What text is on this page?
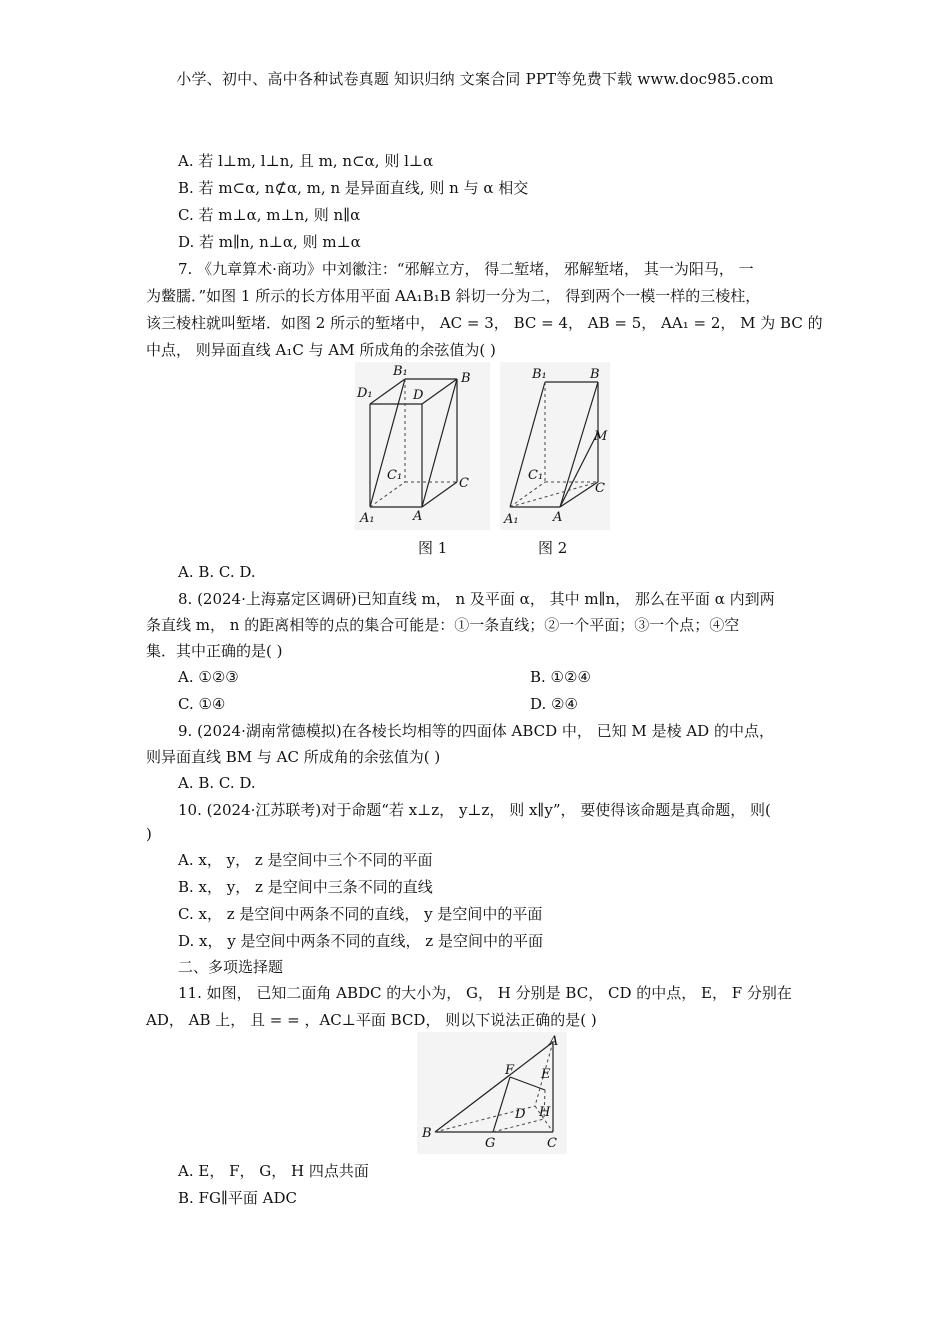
小学、初中、高中各种试卷真题 知识归纳 文案合同 PPT等免费下载 www.doc985.com
A. 若 l⊥m, l⊥n, 且 m, n⊂α, 则 l⊥α
B. 若 m⊂α, n⊄α, m, n 是异面直线, 则 n 与 α 相交
C. 若 m⊥α, m⊥n, 则 n∥α
D. 若 m∥n, n⊥α, 则 m⊥α
7. 《九章算术·商功》中刘徽注：“邪解立方， 得二堑堵， 邪解堑堵， 其一为阳马， 一
为鳖臑．”如图 1 所示的长方体用平面 AA₁B₁B 斜切一分为二， 得到两个一模一样的三棱柱，
该三棱柱就叫堑堵．如图 2 所示的堑堵中， AC = 3， BC = 4， AB = 5， AA₁ = 2， M 为 BC 的
中点， 则异面直线 A₁C 与 AM 所成角的余弦值为( )
B₁	B
D₁	D
C₁
C
A₁	A
B₁	B
M
C₁
C
A₁	A
图 1	图 2
A. B. C. D.
8. (2024·上海嘉定区调研)已知直线 m， n 及平面 α， 其中 m∥n， 那么在平面 α 内到两
条直线 m， n 的距离相等的点的集合可能是：①一条直线；②一个平面；③一个点；④空
集．其中正确的是( )
A. ①②③	B. ①②④
C. ①④	D. ②④
9. (2024·湖南常德模拟)在各棱长均相等的四面体 ABCD 中， 已知 M 是棱 AD 的中点，
则异面直线 BM 与 AC 所成角的余弦值为( )
A. B. C. D.
10. (2024·江苏联考)对于命题“若 x⊥z， y⊥z， 则 x∥y”， 要使得该命题是真命题， 则(
)
A. x， y， z 是空间中三个不同的平面
B. x， y， z 是空间中三条不同的直线
C. x， z 是空间中两条不同的直线， y 是空间中的平面
D. x， y 是空间中两条不同的直线， z 是空间中的平面
二、多项选择题
11. 如图， 已知二面角 ABDC 的大小为， G， H 分别是 BC， CD 的中点， E， F 分别在
AD， AB 上， 且 = = ，AC⊥平面 BCD， 则以下说法正确的是( )
A
F E
D H
B
G	C
A. E， F， G， H 四点共面
B. FG∥平面 ADC
